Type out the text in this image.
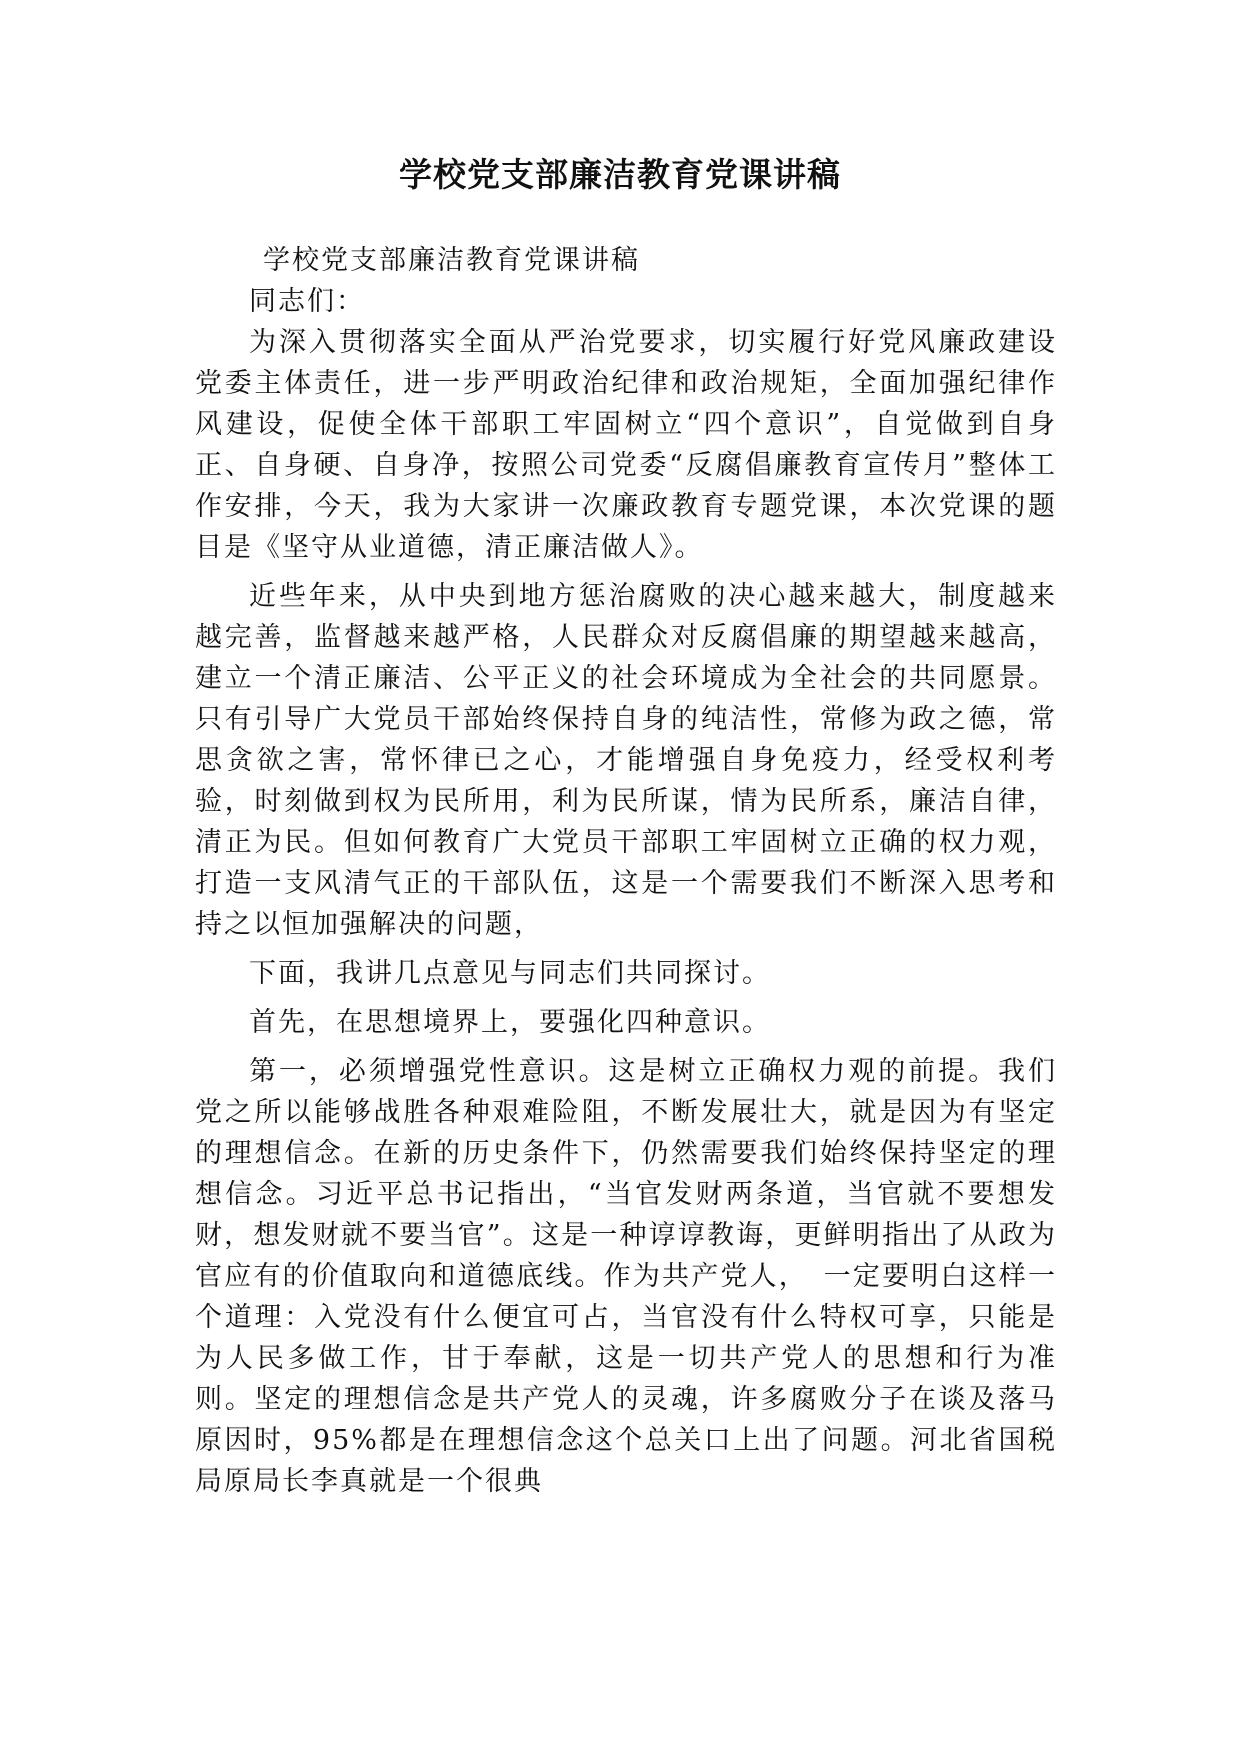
学校党支部廉洁教育党课讲稿

学校党支部廉洁教育党课讲稿

同志们：

为深入贯彻落实全面从严治党要求，切实履行好党风廉政建设党委主体责任，进一步严明政治纪律和政治规矩，全面加强纪律作风建设，促使全体干部职工牢固树立“四个意识”，自觉做到自身正、自身硬、自身净，按照公司党委“反腐倡廉教育宣传月”整体工作安排，今天，我为大家讲一次廉政教育专题党课，本次党课的题目是《坚守从业道德，清正廉洁做人》。

近些年来，从中央到地方惩治腐败的决心越来越大，制度越来越完善，监督越来越严格，人民群众对反腐倡廉的期望越来越高，建立一个清正廉洁、公平正义的社会环境成为全社会的共同愿景。只有引导广大党员干部始终保持自身的纯洁性，常修为政之德，常思贪欲之害，常怀律已之心，才能增强自身免疫力，经受权利考验，时刻做到权为民所用，利为民所谋，情为民所系，廉洁自律，清正为民。但如何教育广大党员干部职工牢固树立正确的权力观，打造一支风清气正的干部队伍，这是一个需要我们不断深入思考和持之以恒加强解决的问题，

下面，我讲几点意见与同志们共同探讨。

首先，在思想境界上，要强化四种意识。

第一，必须增强党性意识。这是树立正确权力观的前提。我们党之所以能够战胜各种艰难险阻，不断发展壮大，就是因为有坚定的理想信念。在新的历史条件下，仍然需要我们始终保持坚定的理想信念。习近平总书记指出，“当官发财两条道，当官就不要想发财，想发财就不要当官”。这是一种谆谆教诲，更鲜明指出了从政为官应有的价值取向和道德底线。作为共产党人，　一定要明白这样一个道理：入党没有什么便宜可占，当官没有什么特权可享，只能是为人民多做工作，甘于奉献，这是一切共产党人的思想和行为准则。坚定的理想信念是共产党人的灵魂，许多腐败分子在谈及落马原因时，95%都是在理想信念这个总关口上出了问题。河北省国税局原局长李真就是一个很典
